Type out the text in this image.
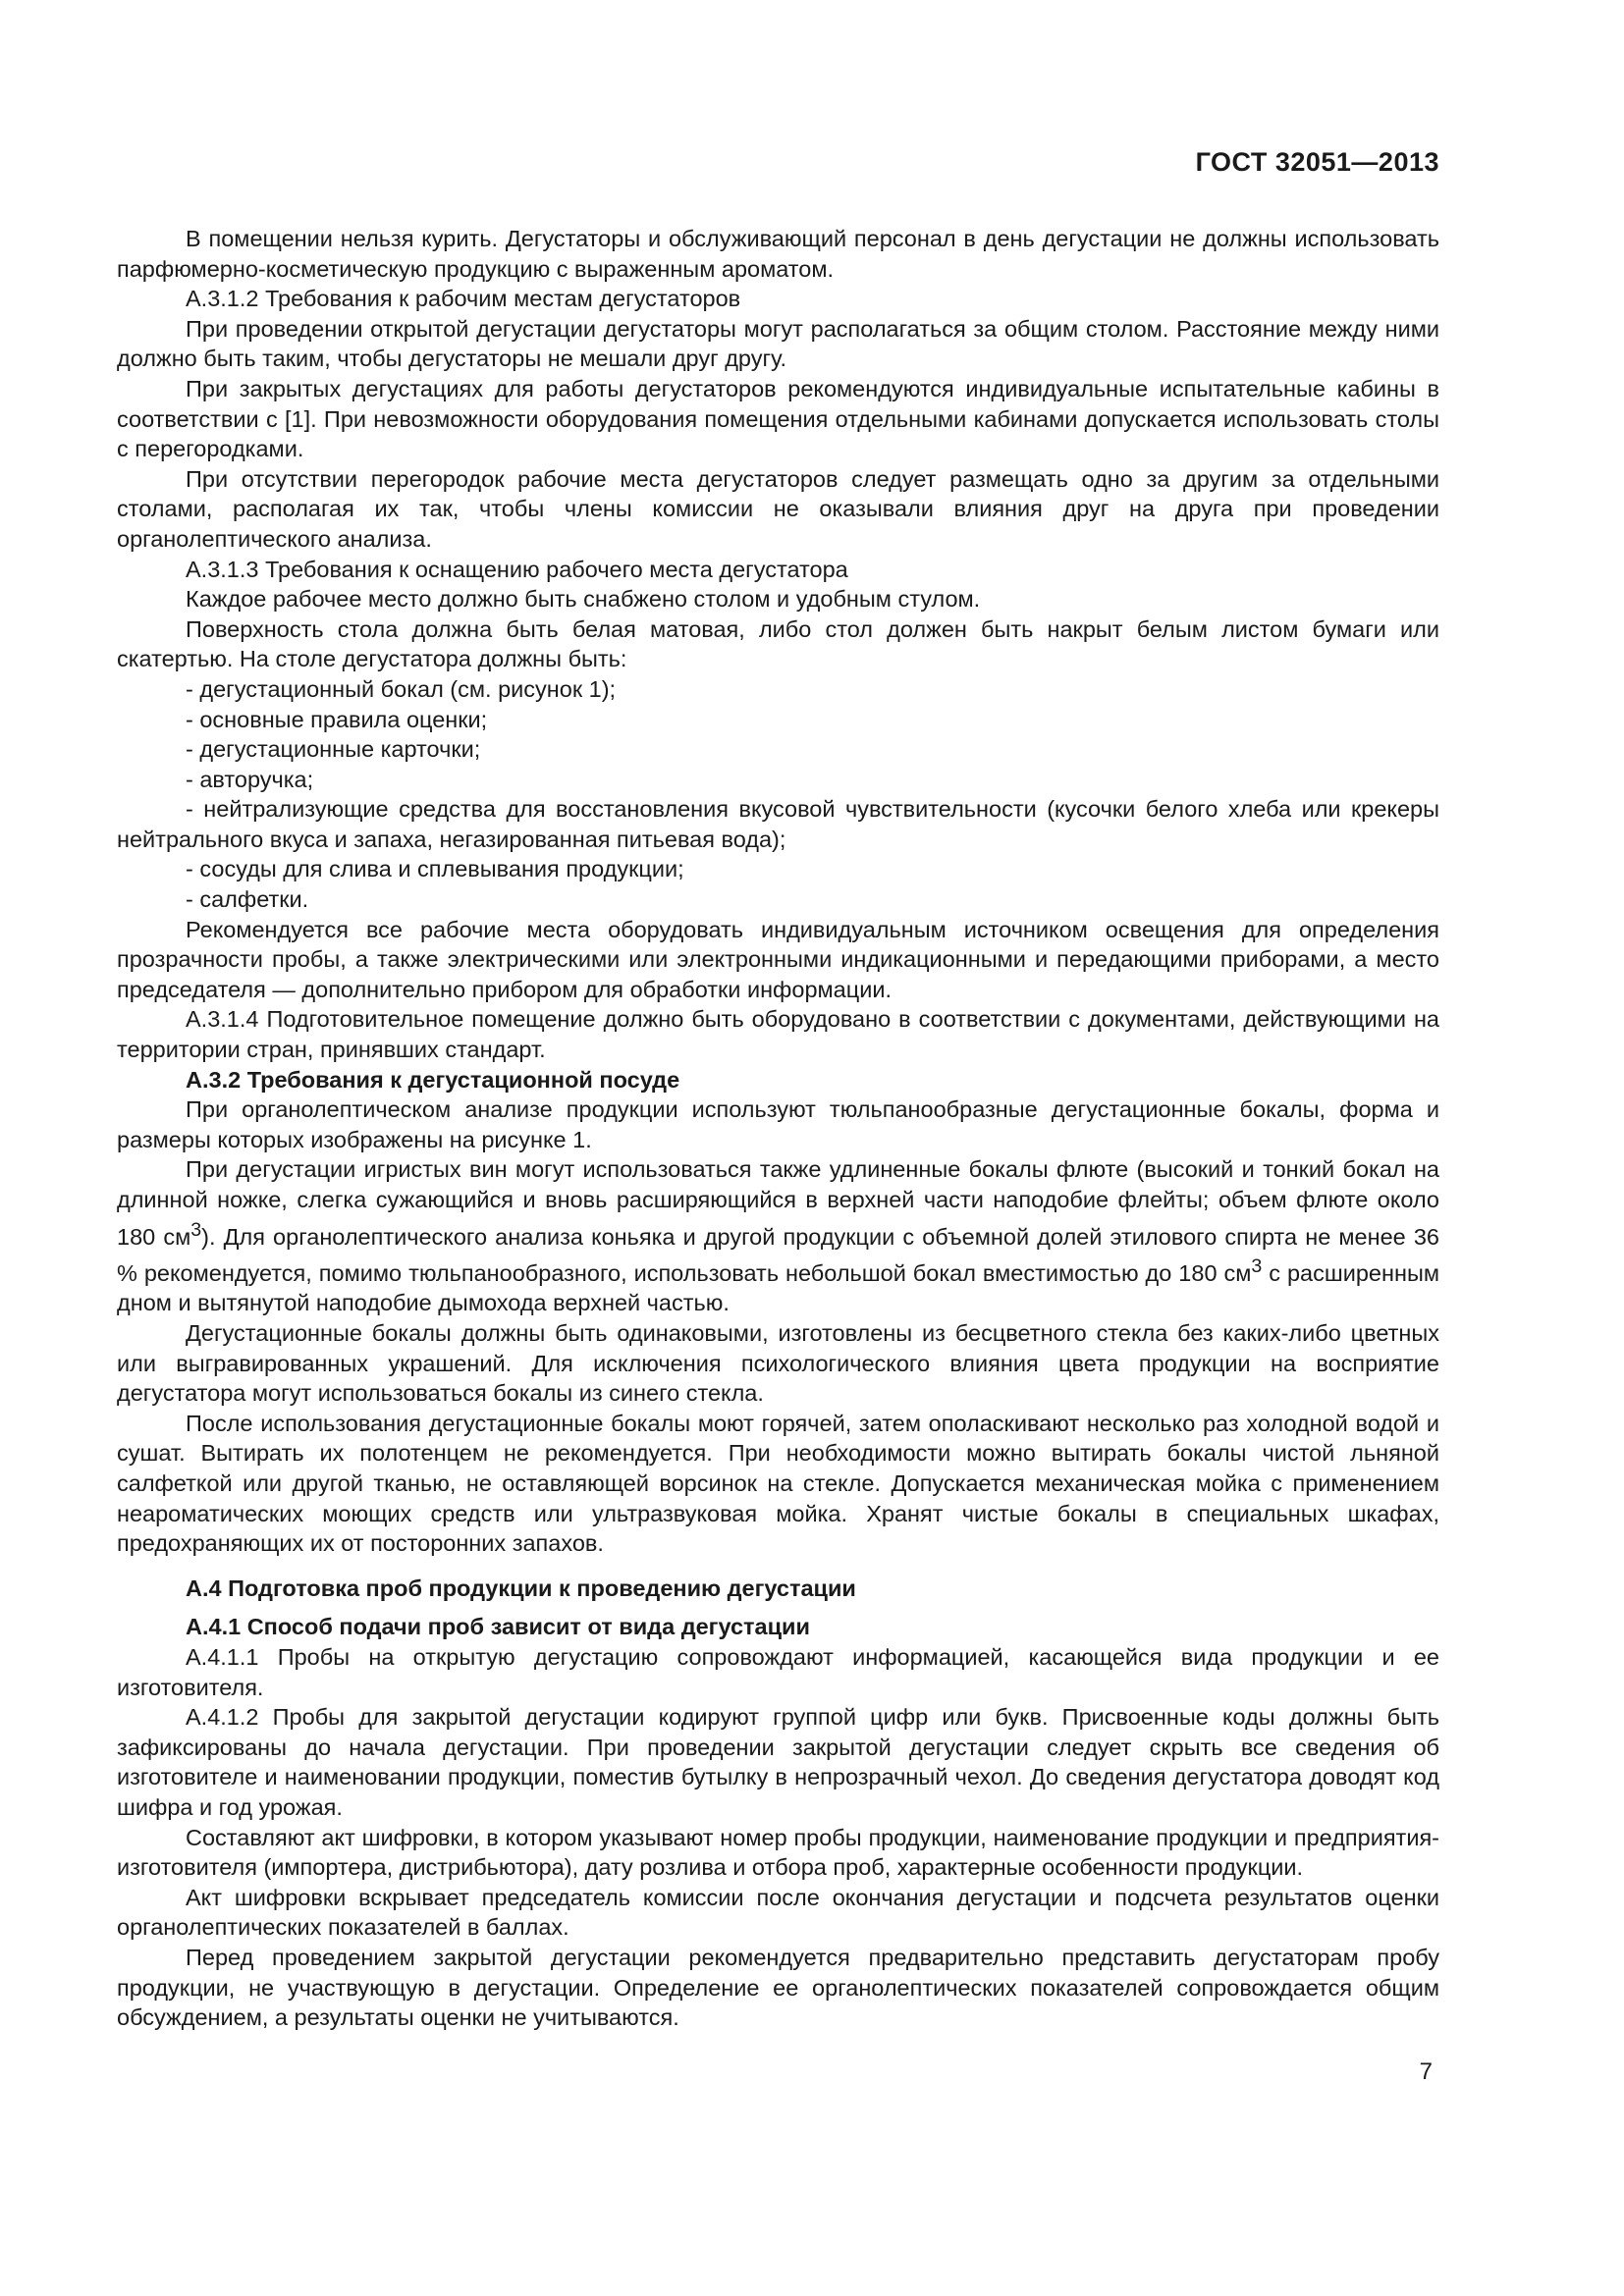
ГОСТ 32051—2013

В помещении нельзя курить. Дегустаторы и обслуживающий персонал в день дегустации не должны использовать парфюмерно-косметическую продукцию с выраженным ароматом.

А.3.1.2 Требования к рабочим местам дегустаторов

При проведении открытой дегустации дегустаторы могут располагаться за общим столом. Расстояние между ними должно быть таким, чтобы дегустаторы не мешали друг другу.

При закрытых дегустациях для работы дегустаторов рекомендуются индивидуальные испытательные кабины в соответствии с [1]. При невозможности оборудования помещения отдельными кабинами допускается использовать столы с перегородками.

При отсутствии перегородок рабочие места дегустаторов следует размещать одно за другим за отдельными столами, располагая их так, чтобы члены комиссии не оказывали влияния друг на друга при проведении органолептического анализа.

А.3.1.3 Требования к оснащению рабочего места дегустатора

Каждое рабочее место должно быть снабжено столом и удобным стулом.

Поверхность стола должна быть белая матовая, либо стол должен быть накрыт белым листом бумаги или скатертью. На столе дегустатора должны быть:

- дегустационный бокал (см. рисунок 1);

- основные правила оценки;

- дегустационные карточки;

- авторучка;

- нейтрализующие средства для восстановления вкусовой чувствительности (кусочки белого хлеба или крекеры нейтрального вкуса и запаха, негазированная питьевая вода);

- сосуды для слива и сплевывания продукции;

- салфетки.

Рекомендуется все рабочие места оборудовать индивидуальным источником освещения для определения прозрачности пробы, а также электрическими или электронными индикационными и передающими приборами, а место председателя — дополнительно прибором для обработки информации.

А.3.1.4 Подготовительное помещение должно быть оборудовано в соответствии с документами, действующими на территории стран, принявших стандарт.

А.3.2 Требования к дегустационной посуде

При органолептическом анализе продукции используют тюльпанообразные дегустационные бокалы, форма и размеры которых изображены на рисунке 1.

При дегустации игристых вин могут использоваться также удлиненные бокалы флюте (высокий и тонкий бокал на длинной ножке, слегка сужающийся и вновь расширяющийся в верхней части наподобие флейты; объем флюте около 180 $см^3$). Для органолептического анализа коньяка и другой продукции с объемной долей этилового спирта не менее 36 % рекомендуется, помимо тюльпанообразного, использовать небольшой бокал вместимостью до 180 $см^3$ с расширенным дном и вытянутой наподобие дымохода верхней частью.

Дегустационные бокалы должны быть одинаковыми, изготовлены из бесцветного стекла без каких-либо цветных или выгравированных украшений. Для исключения психологического влияния цвета продукции на восприятие дегустатора могут использоваться бокалы из синего стекла.

После использования дегустационные бокалы моют горячей, затем ополаскивают несколько раз холодной водой и сушат. Вытирать их полотенцем не рекомендуется. При необходимости можно вытирать бокалы чистой льняной салфеткой или другой тканью, не оставляющей ворсинок на стекле. Допускается механическая мойка с применением неароматических моющих средств или ультразвуковая мойка. Хранят чистые бокалы в специальных шкафах, предохраняющих их от посторонних запахов.

А.4 Подготовка проб продукции к проведению дегустации

А.4.1 Способ подачи проб зависит от вида дегустации

А.4.1.1 Пробы на открытую дегустацию сопровождают информацией, касающейся вида продукции и ее изготовителя.

А.4.1.2 Пробы для закрытой дегустации кодируют группой цифр или букв. Присвоенные коды должны быть зафиксированы до начала дегустации. При проведении закрытой дегустации следует скрыть все сведения об изготовителе и наименовании продукции, поместив бутылку в непрозрачный чехол. До сведения дегустатора доводят код шифра и год урожая.

Составляют акт шифровки, в котором указывают номер пробы продукции, наименование продукции и предприятия-изготовителя (импортера, дистрибьютора), дату розлива и отбора проб, характерные особенности продукции.

Акт шифровки вскрывает председатель комиссии после окончания дегустации и подсчета результатов оценки органолептических показателей в баллах.

Перед проведением закрытой дегустации рекомендуется предварительно представить дегустаторам пробу продукции, не участвующую в дегустации. Определение ее органолептических показателей сопровождается общим обсуждением, а результаты оценки не учитываются.

7
